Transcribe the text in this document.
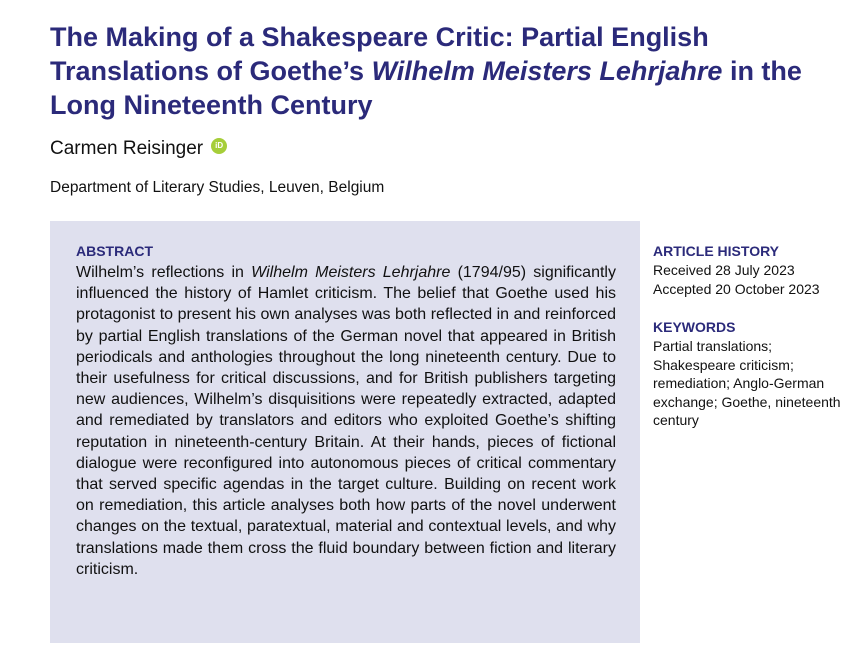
The Making of a Shakespeare Critic: Partial English
Translations of Goethe’s Wilhelm Meisters Lehrjahre in the
Long Nineteenth Century
Carmen Reisinger	iD
Department of Literary Studies, Leuven, Belgium
ABSTRACT
Wilhelm’s reflections in Wilhelm Meisters Lehrjahre (1794/95) significantly influenced the history of Hamlet criticism. The belief that Goethe used his protagonist to present his own analyses was both reflected in and reinforced by partial English translations of the German novel that appeared in British periodicals and anthologies throughout the long nineteenth century. Due to their usefulness for critical discussions, and for British publishers targeting new audiences, Wilhelm’s disquisitions were repeatedly extracted, adapted and remediated by translators and editors who exploited Goethe’s shifting reputation in nineteenth-century Britain. At their hands, pieces of fictional dialogue were reconfigured into autonomous pieces of critical commentary that served specific agendas in the target culture. Building on recent work on remediation, this article analyses both how parts of the novel underwent changes on the textual, paratextual, material and contextual levels, and why translations made them cross the fluid boundary between fiction and literary criticism.
ARTICLE HISTORY
Received 28 July 2023
Accepted 20 October 2023
KEYWORDS
Partial translations; Shakespeare criticism; remediation; Anglo-German exchange; Goethe, nineteenth century
